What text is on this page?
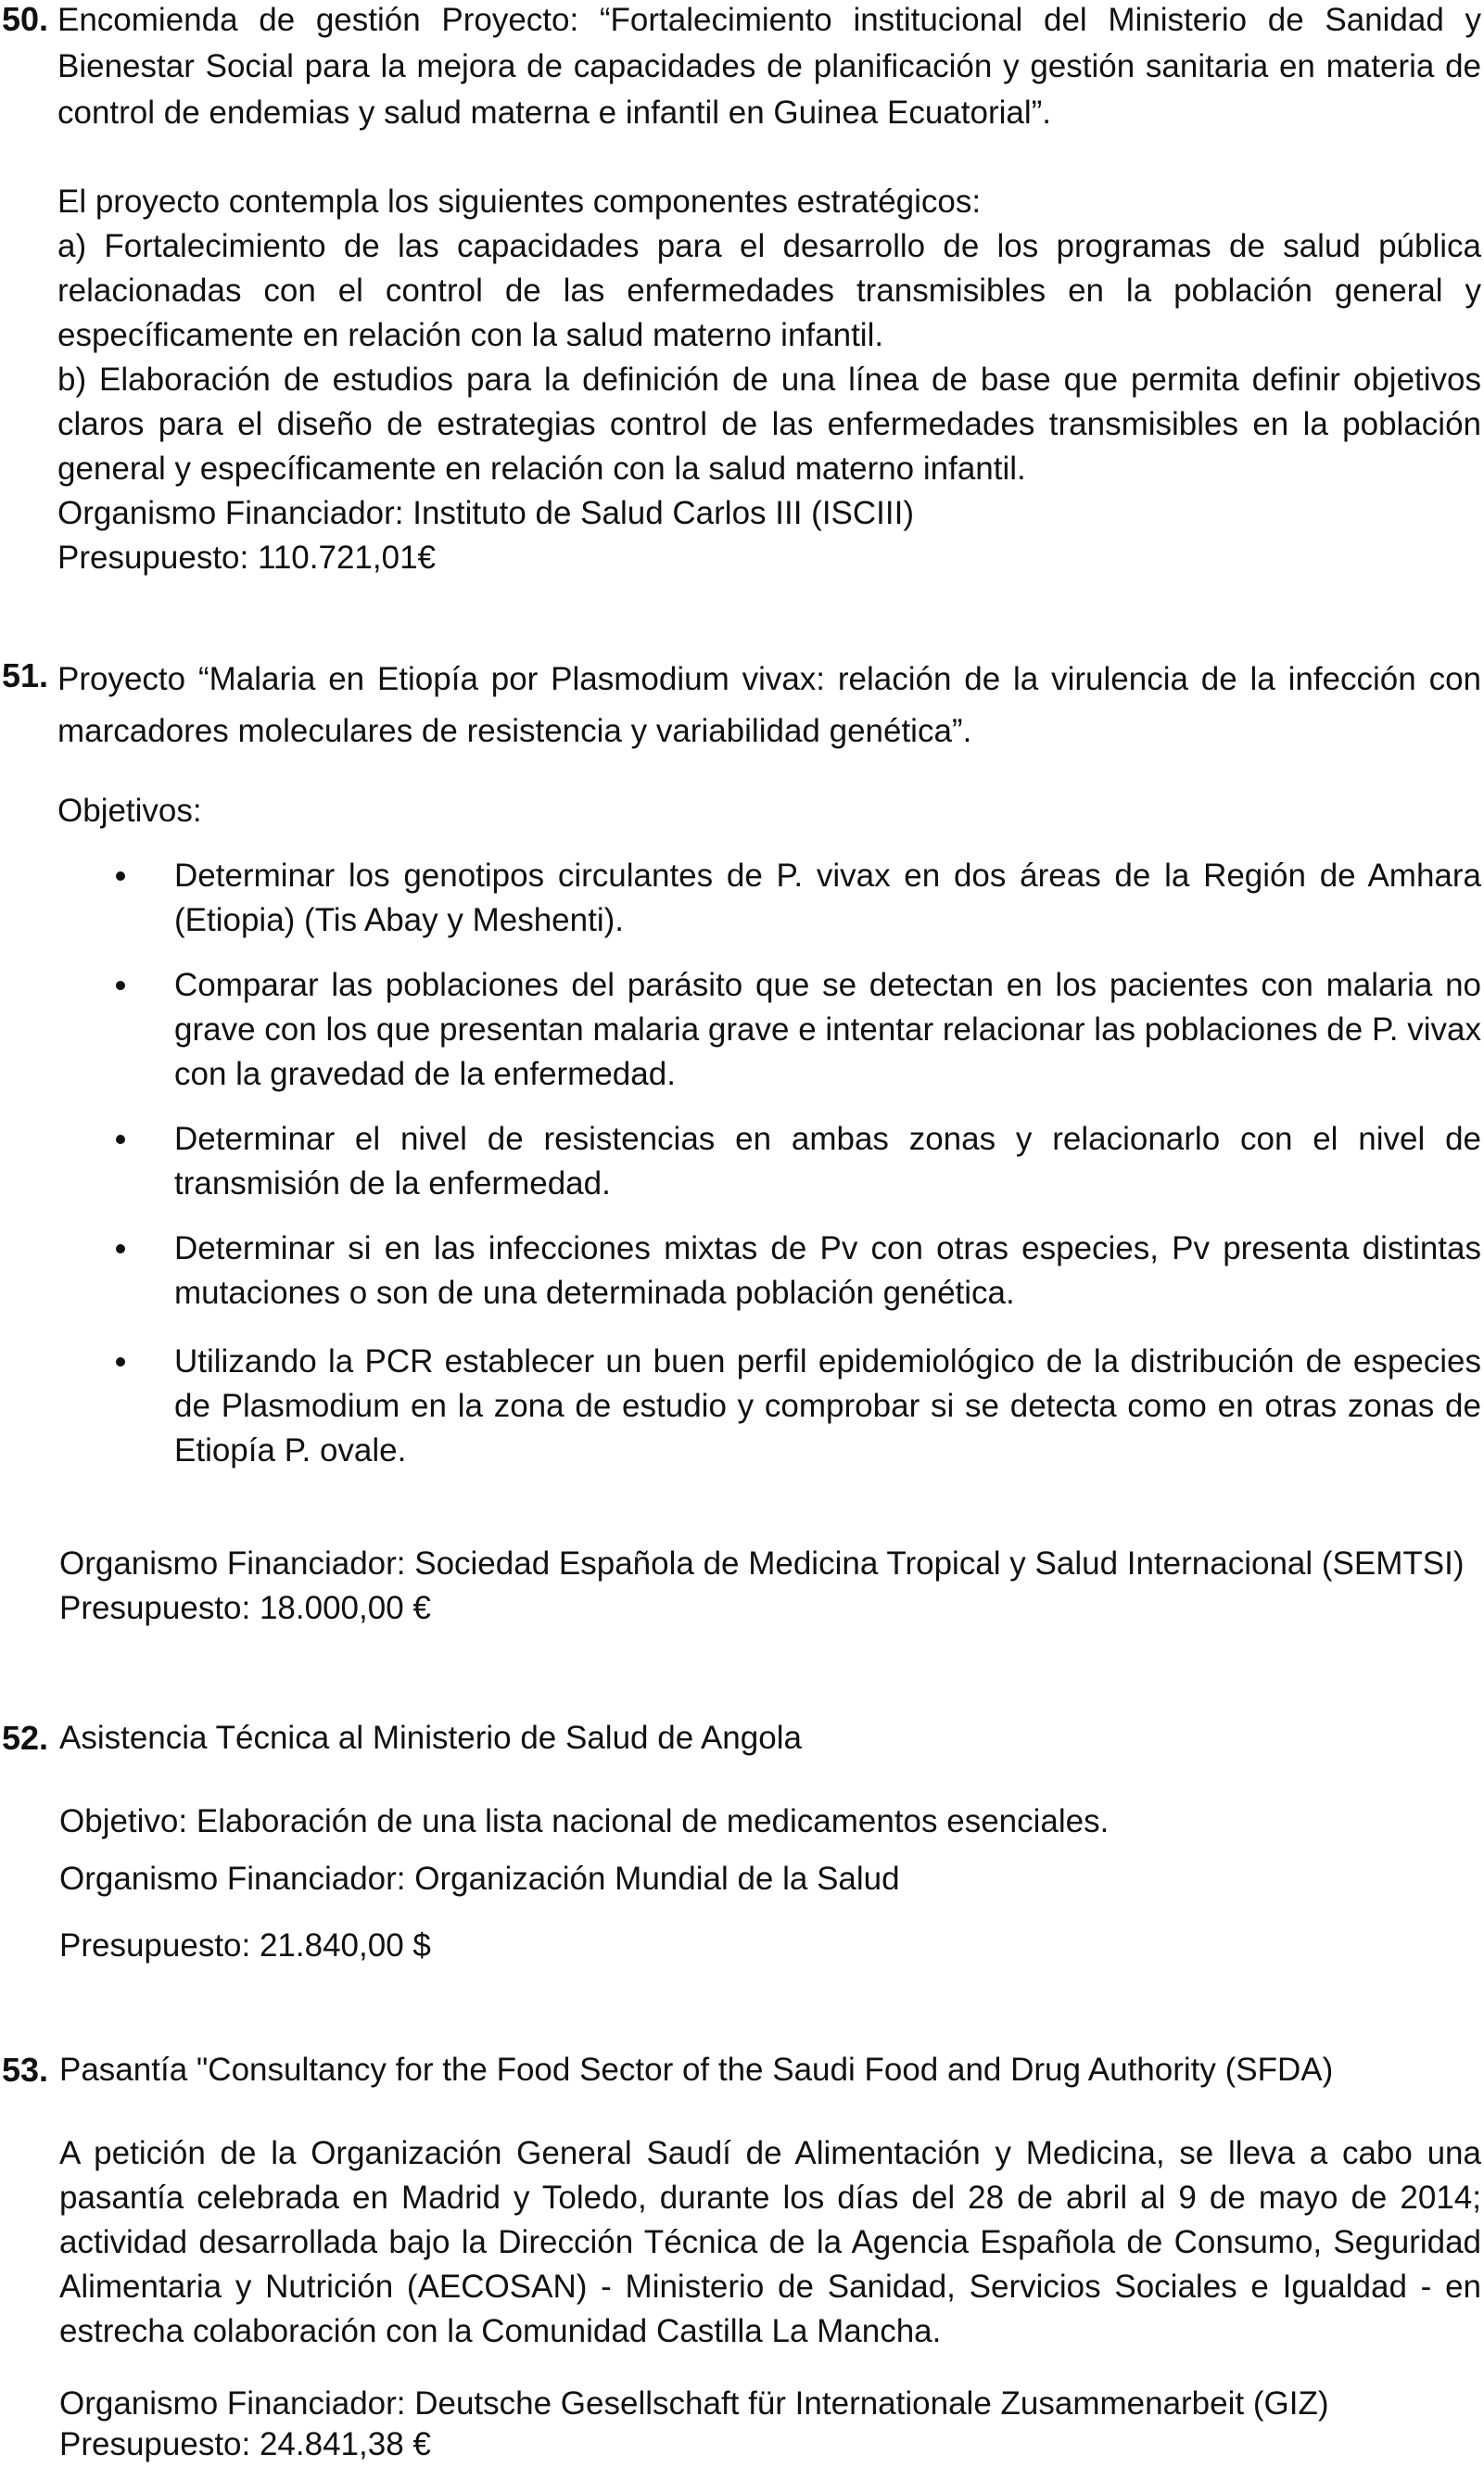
50. Encomienda de gestión Proyecto: “Fortalecimiento institucional del Ministerio de Sanidad y Bienestar Social para la mejora de capacidades de planificación y gestión sanitaria en materia de control de endemias y salud materna e infantil en Guinea Ecuatorial”.

El proyecto contempla los siguientes componentes estratégicos:

a) Fortalecimiento de las capacidades para el desarrollo de los programas de salud pública relacionadas con el control de las enfermedades transmisibles en la población general y específicamente en relación con la salud materno infantil.

b) Elaboración de estudios para la definición de una línea de base que permita definir objetivos claros para el diseño de estrategias control de las enfermedades transmisibles en la población general y específicamente en relación con la salud materno infantil.

Organismo Financiador: Instituto de Salud Carlos III (ISCIII)

Presupuesto: 110.721,01€

51. Proyecto “Malaria en Etiopía por Plasmodium vivax: relación de la virulencia de la infección con marcadores moleculares de resistencia y variabilidad genética”.

Objetivos:

Determinar los genotipos circulantes de P. vivax en dos áreas de la Región de Amhara (Etiopia) (Tis Abay y Meshenti).
Comparar las poblaciones del parásito que se detectan en los pacientes con malaria no grave con los que presentan malaria grave e intentar relacionar las poblaciones de P. vivax con la gravedad de la enfermedad.
Determinar el nivel de resistencias en ambas zonas y relacionarlo con el nivel de transmisión de la enfermedad.
Determinar si en las infecciones mixtas de Pv con otras especies, Pv presenta distintas mutaciones o son de una determinada población genética.
Utilizando la PCR establecer un buen perfil epidemiológico de la distribución de especies de Plasmodium en la zona de estudio y comprobar si se detecta como en otras zonas de Etiopía P. ovale.

Organismo Financiador: Sociedad Española de Medicina Tropical y Salud Internacional (SEMTSI)

Presupuesto: 18.000,00 €

52. Asistencia Técnica al Ministerio de Salud de Angola

Objetivo: Elaboración de una lista nacional de medicamentos esenciales.

Organismo Financiador: Organización Mundial de la Salud

Presupuesto: 21.840,00 $

53. Pasantía "Consultancy for the Food Sector of the Saudi Food and Drug Authority (SFDA)

A petición de la Organización General Saudí de Alimentación y Medicina, se lleva a cabo una pasantía celebrada en Madrid y Toledo, durante los días del 28 de abril al 9 de mayo de 2014; actividad desarrollada bajo la Dirección Técnica de la Agencia Española de Consumo, Seguridad Alimentaria y Nutrición (AECOSAN) - Ministerio de Sanidad, Servicios Sociales e Igualdad - en estrecha colaboración con la Comunidad Castilla La Mancha.

Organismo Financiador: Deutsche Gesellschaft für Internationale Zusammenarbeit (GIZ)

Presupuesto: 24.841,38 €
